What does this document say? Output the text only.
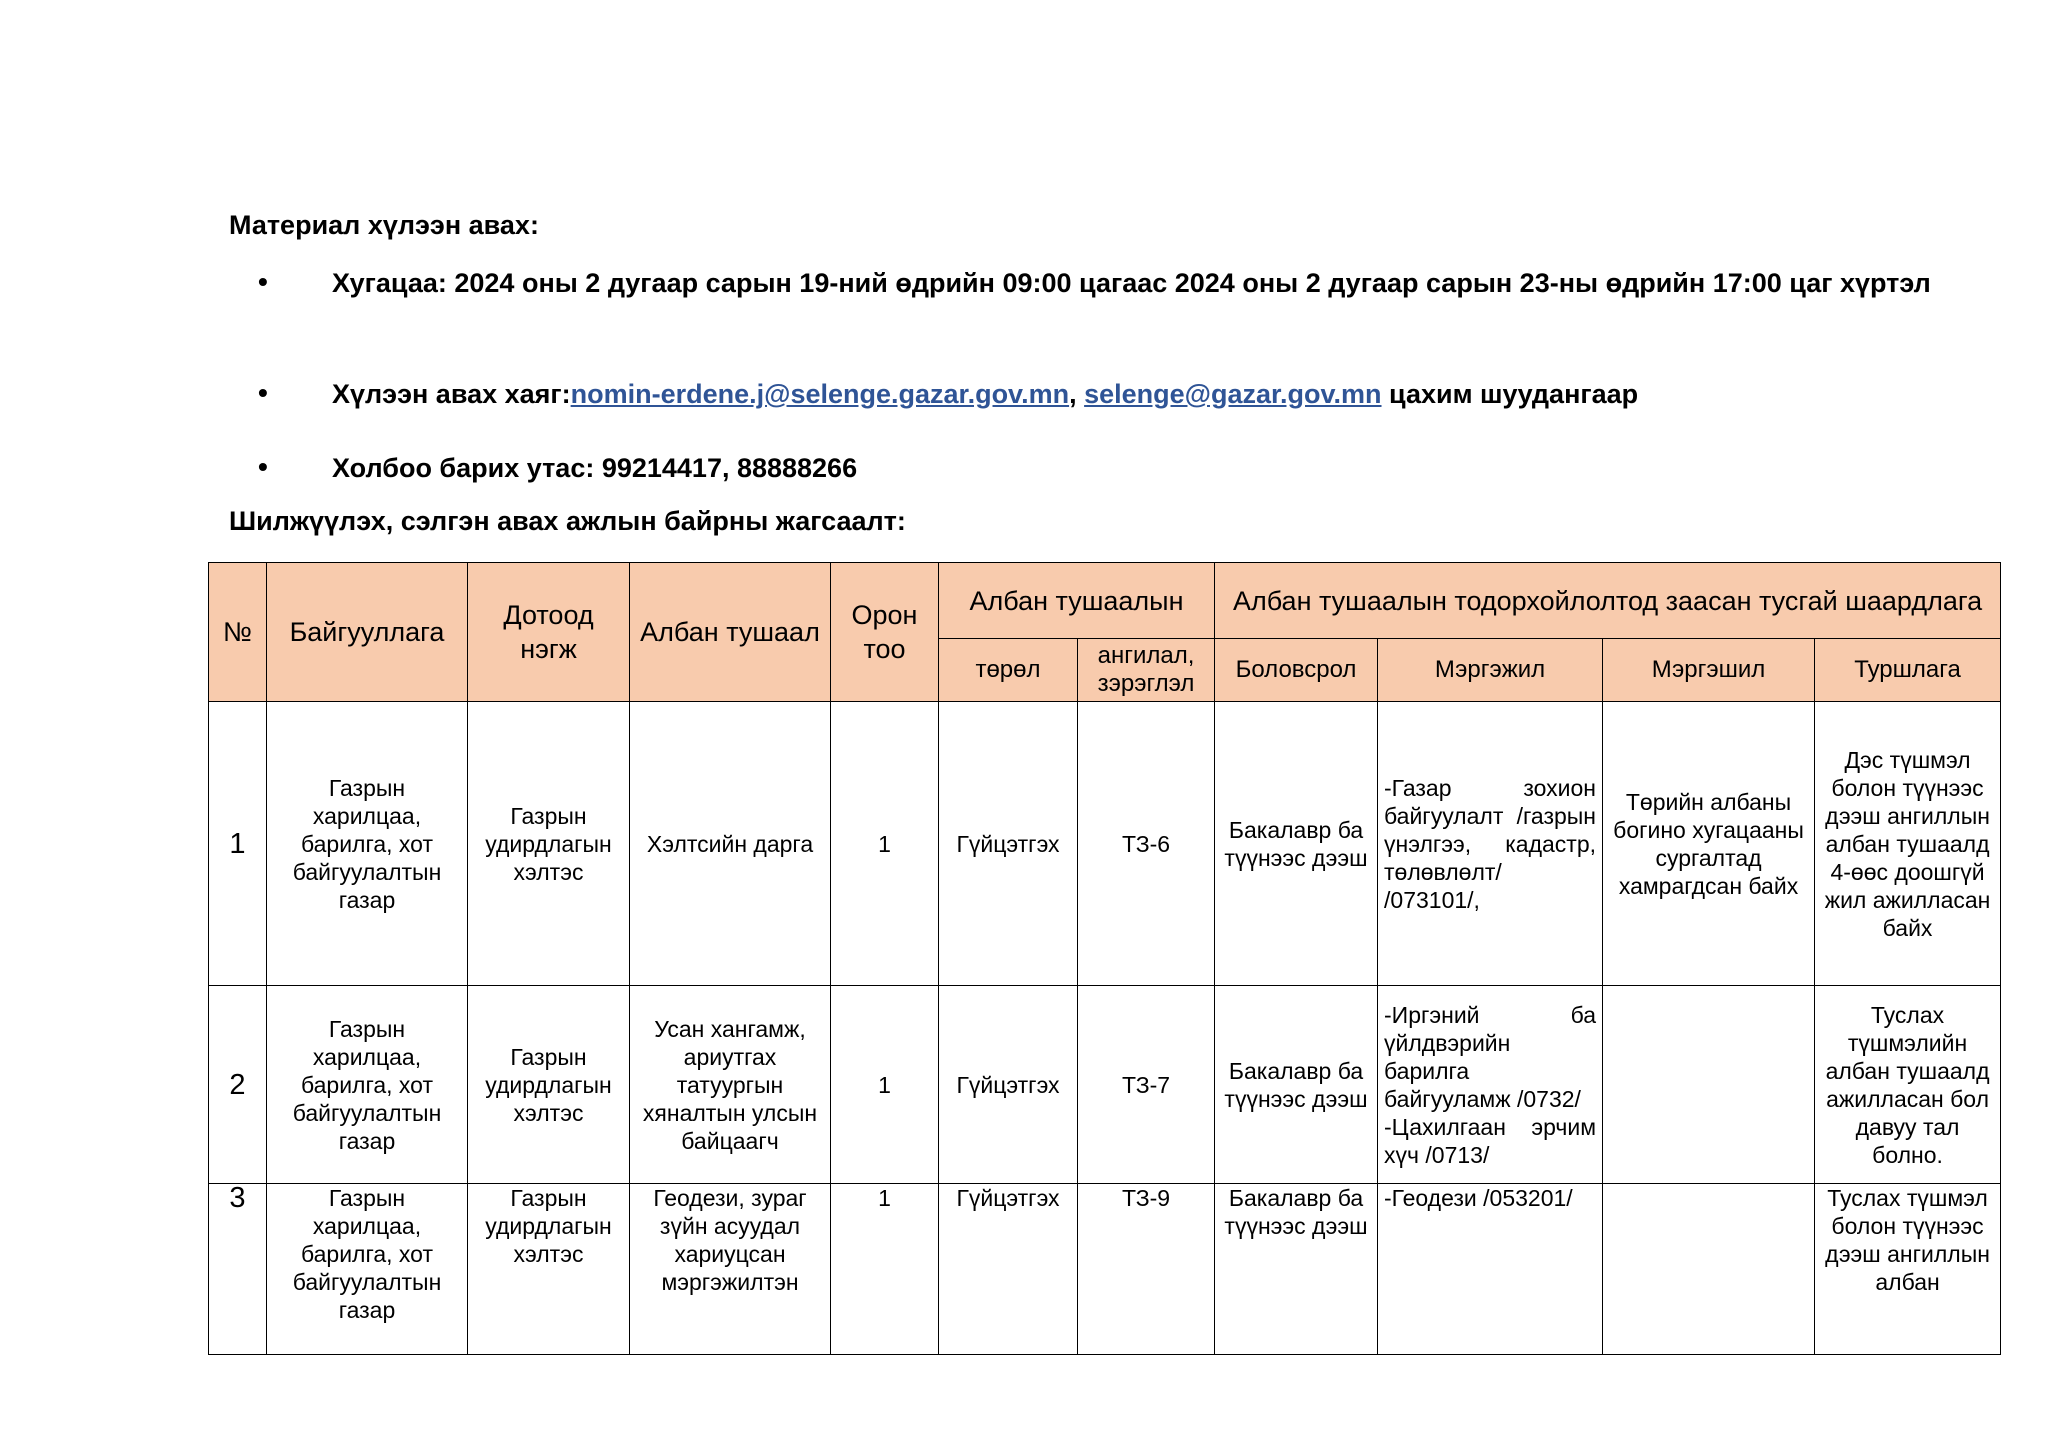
Материал хүлээн авах:
• Хугацаа: 2024 оны 2 дугаар сарын 19-ний өдрийн 09:00 цагаас 2024 оны 2 дугаар сарын 23-ны өдрийн 17:00 цаг хүртэл
• Хүлээн авах хаяг:nomin-erdene.j@selenge.gazar.gov.mn, selenge@gazar.gov.mn цахим шуудангаар
• Холбоо барих утас: 99214417, 88888266
Шилжүүлэх, сэлгэн авах ажлын байрны жагсаалт:
№	Байгууллага	Дотоод нэгж	Албан тушаал	Орон тоо	Албан тушаалын		Албан тушаалын тодорхойлолтод заасан тусгай шаардлага			
					төрөл	ангилал, зэрэглэл	Боловсрол	Мэргэжил	Мэргэшил	Туршлага
1	Газрын харилцаа, барилга, хот байгуулалтын газар	Газрын удирдлагын хэлтэс	Хэлтсийн дарга	1	Гүйцэтгэх	ТЗ-6	Бакалавр ба түүнээс дээш	-Газар зохион байгуулалт /газрын үнэлгээ, кадастр, төлөвлөлт/ /073101/,	Төрийн албаны богино хугацааны сургалтад хамрагдсан байх	Дэс түшмэл болон түүнээс дээш ангиллын албан тушаалд 4-өөс доошгүй жил ажилласан байх
2	Газрын харилцаа, барилга, хот байгуулалтын газар	Газрын удирдлагын хэлтэс	Усан хангамж, ариутгах татуургын хяналтын улсын байцаагч	1	Гүйцэтгэх	ТЗ-7	Бакалавр ба түүнээс дээш	-Иргэний ба үйлдвэрийн барилга байгууламж /0732/
-Цахилгаан эрчим хүч /0713/		Туслах түшмэлийн албан тушаалд ажилласан бол давуу тал болно.
3	Газрын харилцаа, барилга, хот байгуулалтын газар	Газрын удирдлагын хэлтэс	Геодези, зураг зүйн асуудал хариуцсан мэргэжилтэн	1	Гүйцэтгэх	ТЗ-9	Бакалавр ба түүнээс дээш	-Геодези /053201/		Туслах түшмэл болон түүнээс дээш ангиллын албан
